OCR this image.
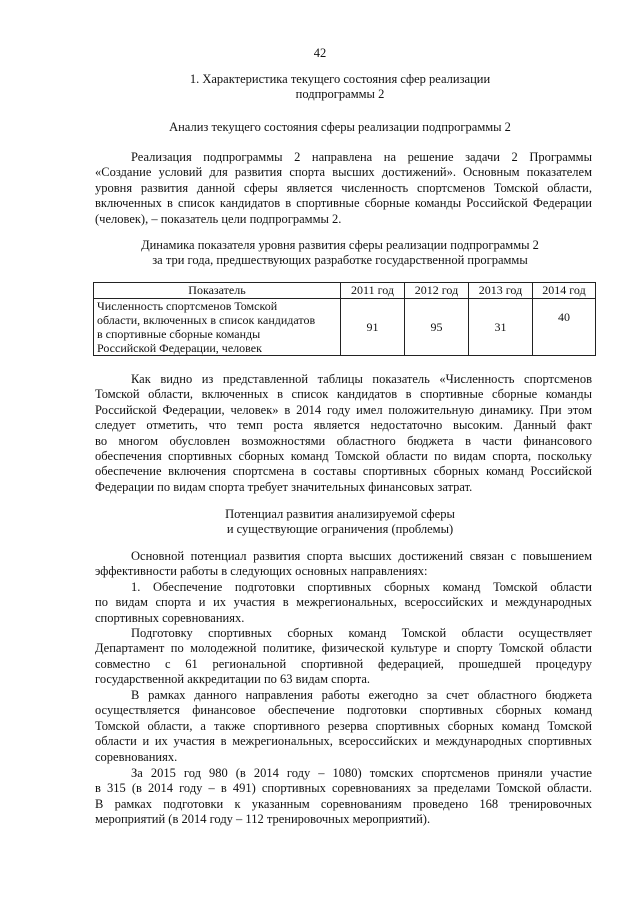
42
1. Характеристика текущего состояния сфер реализации
подпрограммы 2
Анализ текущего состояния сферы реализации подпрограммы 2
Реализация подпрограммы 2 направлена на решение задачи 2 Программы
«Создание условий для развития спорта высших достижений». Основным показателем
уровня развития данной сферы является численность спортсменов Томской области,
включенных в список кандидатов в спортивные сборные команды Российской Федерации
(человек), – показатель цели подпрограммы 2.
Динамика показателя уровня развития сферы реализации подпрограммы 2
за три года, предшествующих разработке государственной программы
Показатель	2011 год	2012 год	2013 год	2014 год

Численность спортсменов Томской
области, включенных в список кандидатов
в спортивные сборные команды
Российской Федерации, человек	91	95	31	40
Как видно из представленной таблицы показатель «Численность спортсменов
Томской области, включенных в список кандидатов в спортивные сборные команды
Российской Федерации, человек» в 2014 году имел положительную динамику. При этом
следует отметить, что темп роста является недостаточно высоким. Данный факт
во многом обусловлен возможностями областного бюджета в части финансового
обеспечения спортивных сборных команд Томской области по видам спорта, поскольку
обеспечение включения спортсмена в составы спортивных сборных команд Российской
Федерации по видам спорта требует значительных финансовых затрат.
Потенциал развития анализируемой сферы
и существующие ограничения (проблемы)
Основной потенциал развития спорта высших достижений связан с повышением
эффективности работы в следующих основных направлениях:
1. Обеспечение подготовки спортивных сборных команд Томской области
по видам спорта и их участия в межрегиональных, всероссийских и международных
спортивных соревнованиях.
Подготовку спортивных сборных команд Томской области осуществляет
Департамент по молодежной политике, физической культуре и спорту Томской области
совместно с 61 региональной спортивной федерацией, прошедшей процедуру
государственной аккредитации по 63 видам спорта.
В рамках данного направления работы ежегодно за счет областного бюджета
осуществляется финансовое обеспечение подготовки спортивных сборных команд
Томской области, а также спортивного резерва спортивных сборных команд Томской
области и их участия в межрегиональных, всероссийских и международных спортивных
соревнованиях.
За 2015 год 980 (в 2014 году – 1080) томских спортсменов приняли участие
в 315 (в 2014 году – в 491) спортивных соревнованиях за пределами Томской области.
В рамках подготовки к указанным соревнованиям проведено 168 тренировочных
мероприятий (в 2014 году – 112 тренировочных мероприятий).
